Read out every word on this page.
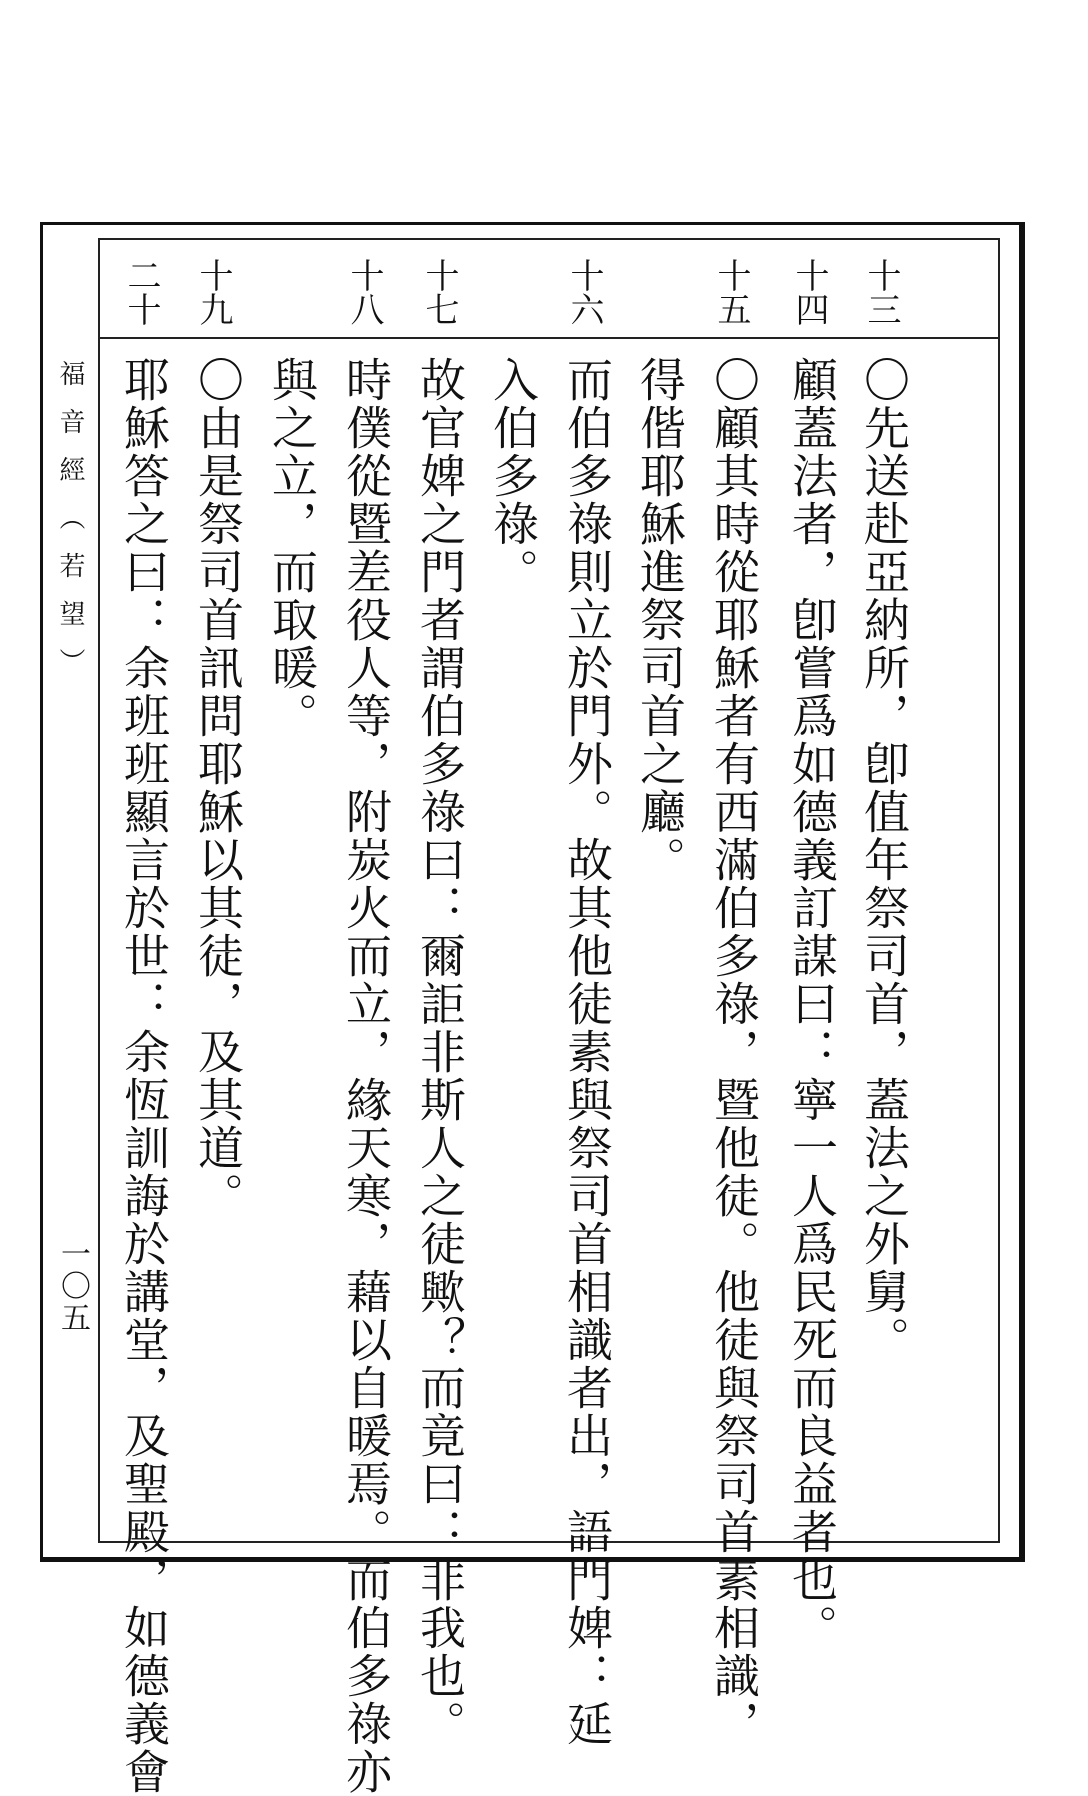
福音經（若望）
一〇五
十三
十四
十五
十六
十七
十八
十九
二十
〇先送赴亞納所，卽值年祭司首，蓋法之外舅。
顧蓋法者，卽嘗爲如德義訂謀曰：寧一人爲民死而良益者也。
〇顧其時從耶穌者有西滿伯多祿，暨他徒。他徒與祭司首素相識，
得偕耶穌進祭司首之廳。
而伯多祿則立於門外。故其他徒素與祭司首相識者出，語門婢：延
入伯多祿。
故官婢之門者謂伯多祿曰：爾詎非斯人之徒歟？而竟曰：非我也。
時僕從暨差役人等，附炭火而立，緣天寒，藉以自暖焉。而伯多祿亦
與之立，而取暖。
〇由是祭司首訊問耶穌以其徒，及其道。
耶穌答之曰：余班班顯言於世：余恆訓誨於講堂，及聖殿，如德義會
